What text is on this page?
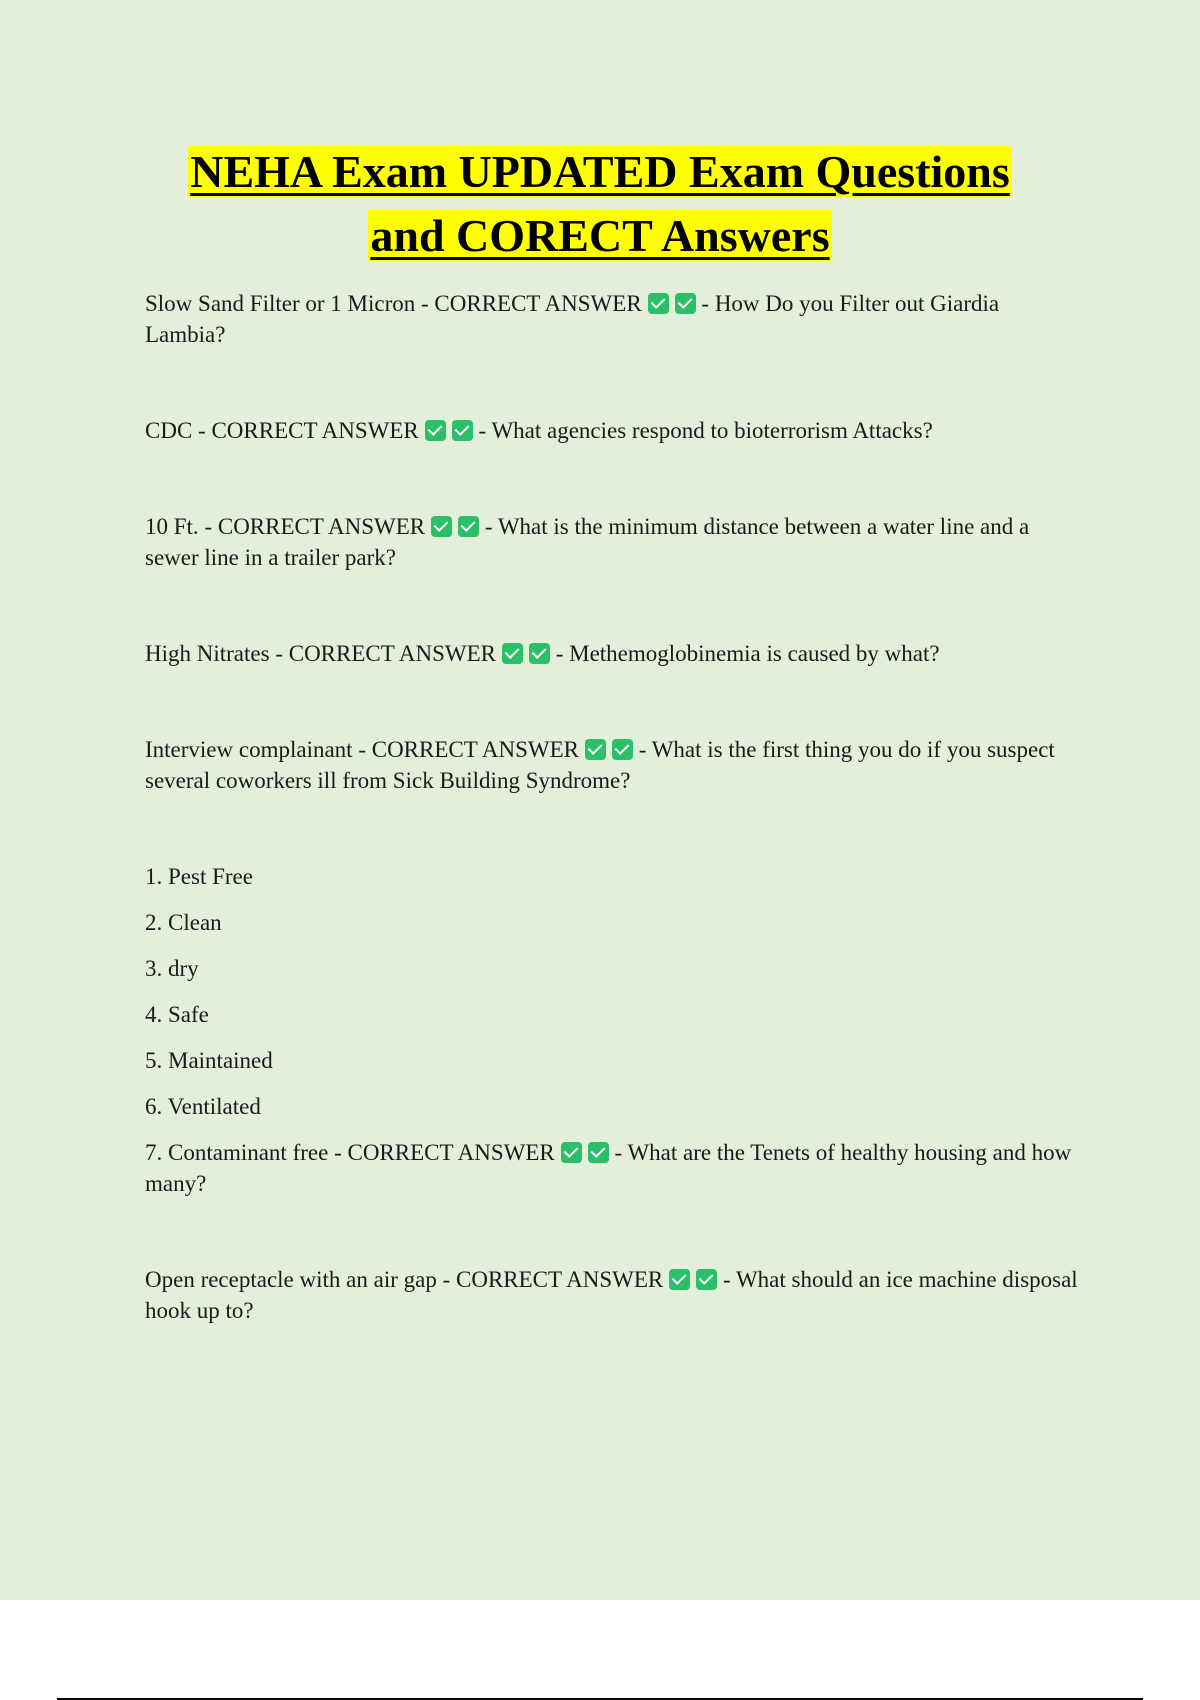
NEHA Exam UPDATED Exam Questions
and CORECT Answers

Slow Sand Filter or 1 Micron - CORRECT ANSWER	- How Do you Filter out Giardia Lambia?

CDC - CORRECT ANSWER	- What agencies respond to bioterrorism Attacks?

10 Ft. - CORRECT ANSWER	- What is the minimum distance between a water line and a sewer line in a trailer park?

High Nitrates - CORRECT ANSWER	- Methemoglobinemia is caused by what?

Interview complainant - CORRECT ANSWER	- What is the first thing you do if you suspect several coworkers ill from Sick Building Syndrome?

1. Pest Free
2. Clean
3. dry
4. Safe
5. Maintained
6. Ventilated
7. Contaminant free - CORRECT ANSWER	- What are the Tenets of healthy housing and how many?

Open receptacle with an air gap - CORRECT ANSWER	- What should an ice machine disposal hook up to?
